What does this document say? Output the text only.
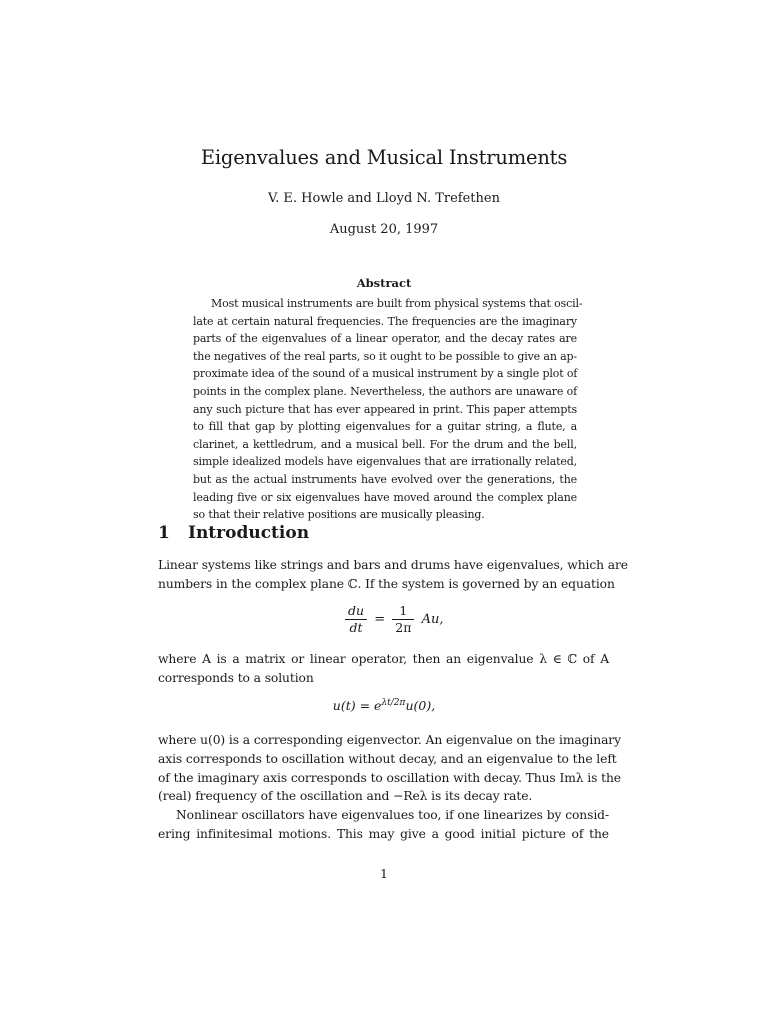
Eigenvalues and Musical Instruments
V. E. Howle and Lloyd N. Trefethen
August 20, 1997
Abstract
Most musical instruments are built from physical systems that oscil-
late at certain natural frequencies. The frequencies are the imaginary
parts of the eigenvalues of a linear operator, and the decay rates are
the negatives of the real parts, so it ought to be possible to give an ap-
proximate idea of the sound of a musical instrument by a single plot of
points in the complex plane. Nevertheless, the authors are unaware of
any such picture that has ever appeared in print. This paper attempts
to fill that gap by plotting eigenvalues for a guitar string, a flute, a
clarinet, a kettledrum, and a musical bell. For the drum and the bell,
simple idealized models have eigenvalues that are irrationally related,
but as the actual instruments have evolved over the generations, the
leading five or six eigenvalues have moved around the complex plane
so that their relative positions are musically pleasing.
1 Introduction
Linear systems like strings and bars and drums have eigenvalues, which are
numbers in the complex plane ℂ. If the system is governed by an equation
$\frac{du}{dt} = \frac{1}{2\pi} Au$,
where A is a matrix or linear operator, then an eigenvalue λ ∈ ℂ of A
corresponds to a solution
$u(t) = e^{\lambda t/2\pi}u(0)$,
where u(0) is a corresponding eigenvector. An eigenvalue on the imaginary
axis corresponds to oscillation without decay, and an eigenvalue to the left
of the imaginary axis corresponds to oscillation with decay. Thus Imλ is the
(real) frequency of the oscillation and −Reλ is its decay rate.
Nonlinear oscillators have eigenvalues too, if one linearizes by consid-
ering infinitesimal motions. This may give a good initial picture of the
1
